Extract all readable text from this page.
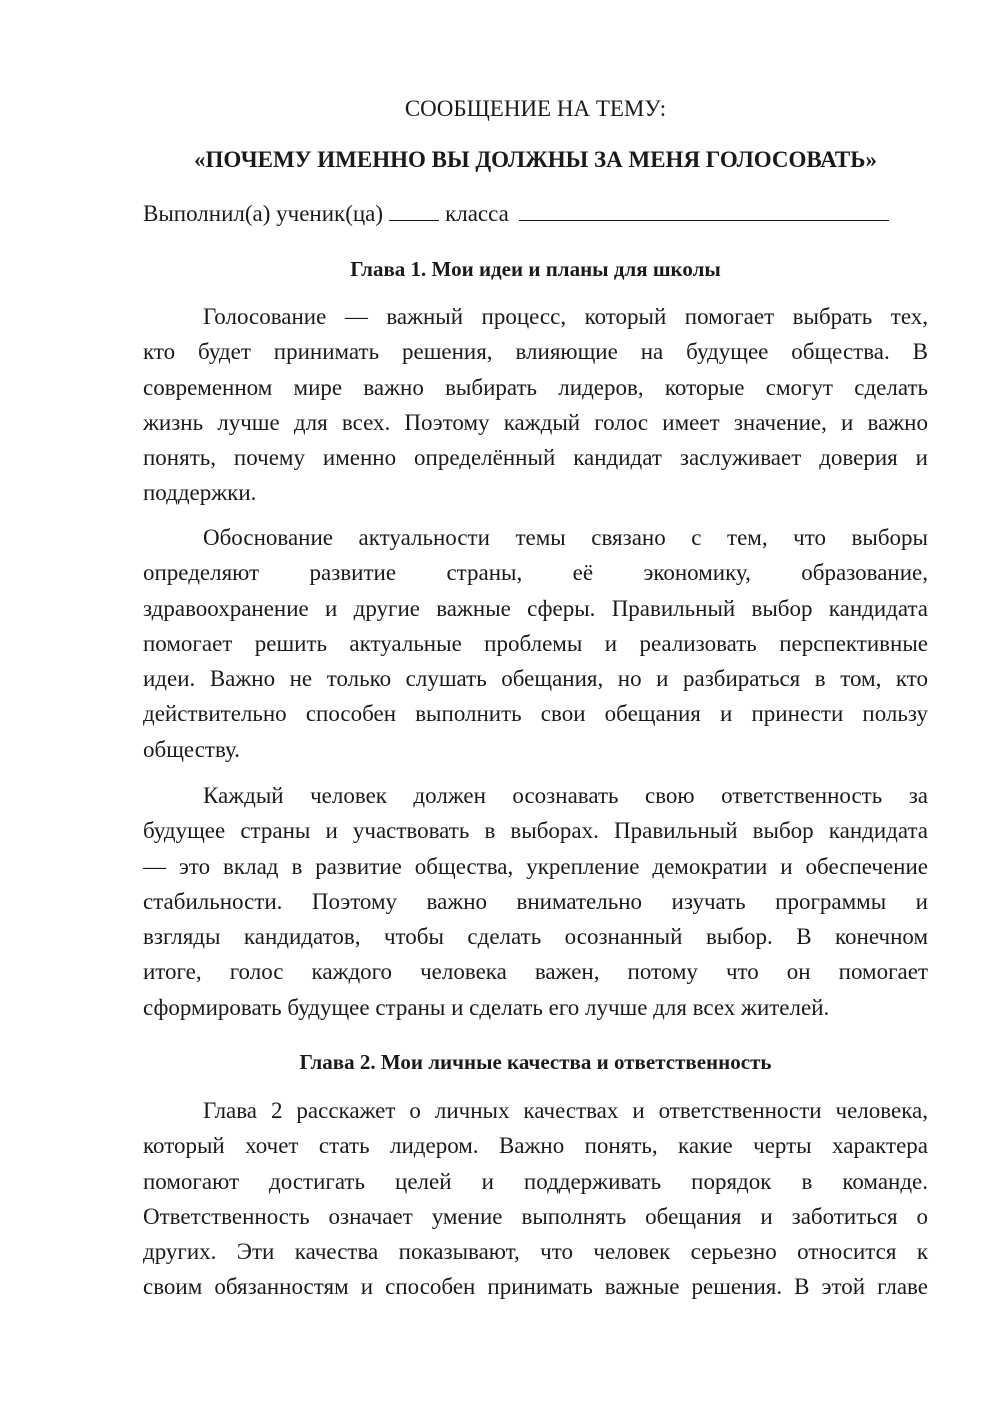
СООБЩЕНИЕ НА ТЕМУ:
«ПОЧЕМУ ИМЕННО ВЫ ДОЛЖНЫ ЗА МЕНЯ ГОЛОСОВАТЬ»
Выполнил(а) ученик(ца)	класса
Глава 1. Мои идеи и планы для школы
Голосование — важный процесс, который помогает выбрать тех,
кто будет принимать решения, влияющие на будущее общества. В
современном мире важно выбирать лидеров, которые смогут сделать
жизнь лучше для всех. Поэтому каждый голос имеет значение, и важно
понять, почему именно определённый кандидат заслуживает доверия и
поддержки.
Обоснование актуальности темы связано с тем, что выборы
определяют развитие страны, её экономику, образование,
здравоохранение и другие важные сферы. Правильный выбор кандидата
помогает решить актуальные проблемы и реализовать перспективные
идеи. Важно не только слушать обещания, но и разбираться в том, кто
действительно способен выполнить свои обещания и принести пользу
обществу.
Каждый человек должен осознавать свою ответственность за
будущее страны и участвовать в выборах. Правильный выбор кандидата
— это вклад в развитие общества, укрепление демократии и обеспечение
стабильности. Поэтому важно внимательно изучать программы и
взгляды кандидатов, чтобы сделать осознанный выбор. В конечном
итоге, голос каждого человека важен, потому что он помогает
сформировать будущее страны и сделать его лучше для всех жителей.
Глава 2. Мои личные качества и ответственность
Глава 2 расскажет о личных качествах и ответственности человека,
который хочет стать лидером. Важно понять, какие черты характера
помогают достигать целей и поддерживать порядок в команде.
Ответственность означает умение выполнять обещания и заботиться о
других. Эти качества показывают, что человек серьезно относится к
своим обязанностям и способен принимать важные решения. В этой главе
